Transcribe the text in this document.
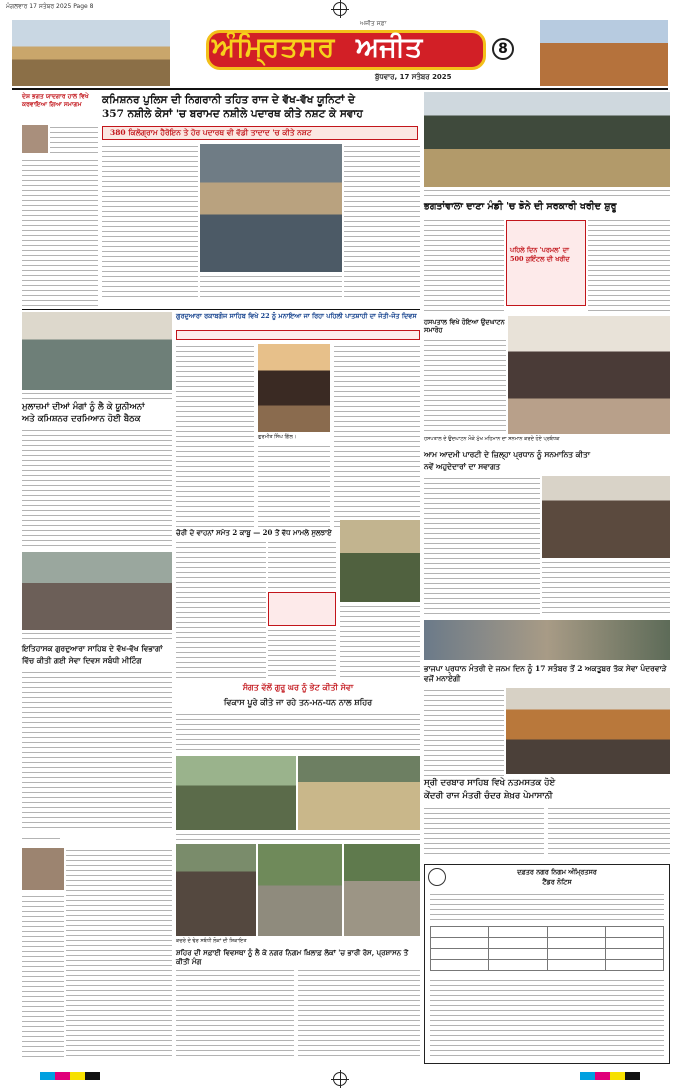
ਮੰਗਲਵਾਰ 17 ਸਤੰਬਰ 2025 Page 8
ਅੰਮ੍ਰਿਤਸਰ ਅਜੀਤ
ਅਜੀਤ ਸਫ਼ਾ
8
ਬੁੱਧਵਾਰ, 17 ਸਤੰਬਰ 2025
ਦੇਸ਼ ਭਗਤ ਯਾਦਗਾਰ ਹਾਲ ਵਿਖੇ ਕਰਵਾਇਆ ਗਿਆ ਸਮਾਗਮ	ਕਮਿਸ਼ਨਰ ਪੁਲਿਸ ਦੀ ਨਿਗਰਾਨੀ ਤਹਿਤ ਰਾਜ ਦੇ ਵੱਖ-ਵੱਖ ਯੂਨਿਟਾਂ ਦੇ
357 ਨਸ਼ੀਲੇ ਕੇਸਾਂ 'ਚ ਬਰਾਮਦ ਨਸ਼ੀਲੇ ਪਦਾਰਥ ਕੀਤੇ ਨਸ਼ਟ ਕੇ ਸਵਾਹ
380 ਕਿਲੋਗ੍ਰਾਮ ਹੈਰੋਇਨ ਤੇ ਹੋਰ ਪਦਾਰਥ ਵੀ ਵੱਡੀ ਤਾਦਾਦ 'ਚ ਕੀਤੇ ਨਸ਼ਟ
ਭਗਤਾਂਵਾਲਾ ਦਾਣਾ ਮੰਡੀ 'ਚ ਝੋਨੇ ਦੀ ਸਰਕਾਰੀ ਖਰੀਦ ਸ਼ੁਰੂ
ਪਹਿਲੇ ਦਿਨ 'ਪਰਮਲ' ਦਾ 500 ਕੁਇੰਟਲ ਦੀ ਖਰੀਦ
ਮੁਲਾਜ਼ਮਾਂ ਦੀਆਂ ਮੰਗਾਂ ਨੂੰ ਲੈ ਕੇ ਯੂਨੀਅਨਾਂ
ਅਤੇ ਕਮਿਸ਼ਨਰ ਦਰਮਿਆਨ ਹੋਈ ਬੈਠਕ
ਗੁਰਦੁਆਰਾ ਰਕਾਬਗੰਜ ਸਾਹਿਬ ਵਿਖੇ 22 ਨੂੰ ਮਨਾਇਆ ਜਾ ਰਿਹਾ ਪਹਿਲੀ ਪਾਤਸ਼ਾਹੀ ਦਾ ਜੋਤੀ-ਜੋਤ ਦਿਵਸ
ਗੁਰਮੀਤ ਸਿੰਘ ਗਿੱਲ।
ਚੋਰੀ ਦੇ ਵਾਹਨਾਂ ਸਮੇਤ 2 ਕਾਬੂ — 20 ਤੋਂ ਵੱਧ ਮਾਮਲੇ ਸੁਲਝਾਏ
ਹਸਪਤਾਲ ਵਿਖੇ ਹੋਇਆ ਉਦਘਾਟਨ ਸਮਾਰੋਹ
ਹਸਪਤਾਲ ਦੇ ਉਦਘਾਟਨ ਮੌਕੇ ਮੁੱਖ ਮਹਿਮਾਨ ਦਾ ਸਨਮਾਨ ਕਰਦੇ ਹੋਏ ਪ੍ਰਬੰਧਕ
ਆਮ ਆਦਮੀ ਪਾਰਟੀ ਦੇ ਜ਼ਿਲ੍ਹਾ ਪ੍ਰਧਾਨ ਨੂੰ ਸਨਮਾਨਿਤ ਕੀਤਾ
ਨਵੇਂ ਅਹੁਦੇਦਾਰਾਂ ਦਾ ਸਵਾਗਤ
ਇਤਿਹਾਸਕ ਗੁਰਦੁਆਰਾ ਸਾਹਿਬ ਦੇ ਵੱਖ-ਵੱਖ ਵਿਭਾਗਾਂ
ਵਿੱਚ ਕੀਤੀ ਗਈ ਸੇਵਾ ਦਿਵਸ ਸਬੰਧੀ ਮੀਟਿੰਗ
ਸੰਗਤ ਵੱਲੋਂ ਗੁਰੂ ਘਰ ਨੂੰ ਭੇਟ ਕੀਤੀ ਸੇਵਾ
ਵਿਕਾਸ ਪੂਰੇ ਕੀਤੇ ਜਾ ਰਹੇ ਤਨ-ਮਨ-ਧਨ ਨਾਲ ਸ਼ਹਿਰ
ਕਚਰੇ ਦੇ ਢੇਰ ਸਬੰਧੀ ਲੋਕਾਂ ਦੀ ਸ਼ਿਕਾਇਤ
ਸ਼ਹਿਰ ਦੀ ਸਫ਼ਾਈ ਵਿਵਸਥਾ ਨੂੰ ਲੈ ਕੇ ਨਗਰ ਨਿਗਮ ਖ਼ਿਲਾਫ਼ ਲੋਕਾਂ 'ਚ ਭਾਰੀ ਰੋਸ, ਪ੍ਰਸ਼ਾਸਨ ਤੋਂ ਕੀਤੀ ਮੰਗ
ਭਾਜਪਾ ਪ੍ਰਧਾਨ ਮੰਤਰੀ ਦੇ ਜਨਮ ਦਿਨ ਨੂੰ 17 ਸਤੰਬਰ ਤੋਂ 2 ਅਕਤੂਬਰ ਤੱਕ ਸੇਵਾ ਪੰਦਰਵਾੜੇ ਵਜੋਂ ਮਨਾਏਗੀ
ਸ੍ਰੀ ਦਰਬਾਰ ਸਾਹਿਬ ਵਿਖੇ ਨਤਮਸਤਕ ਹੋਏ
ਕੇਂਦਰੀ ਰਾਜ ਮੰਤਰੀ ਚੰਦਰ ਸ਼ੇਖ਼ਰ ਪੇਮਾਸਾਨੀ
ਦਫ਼ਤਰ ਨਗਰ ਨਿਗਮ ਅੰਮ੍ਰਿਤਸਰ
ਟੈਂਡਰ ਨੋਟਿਸ
